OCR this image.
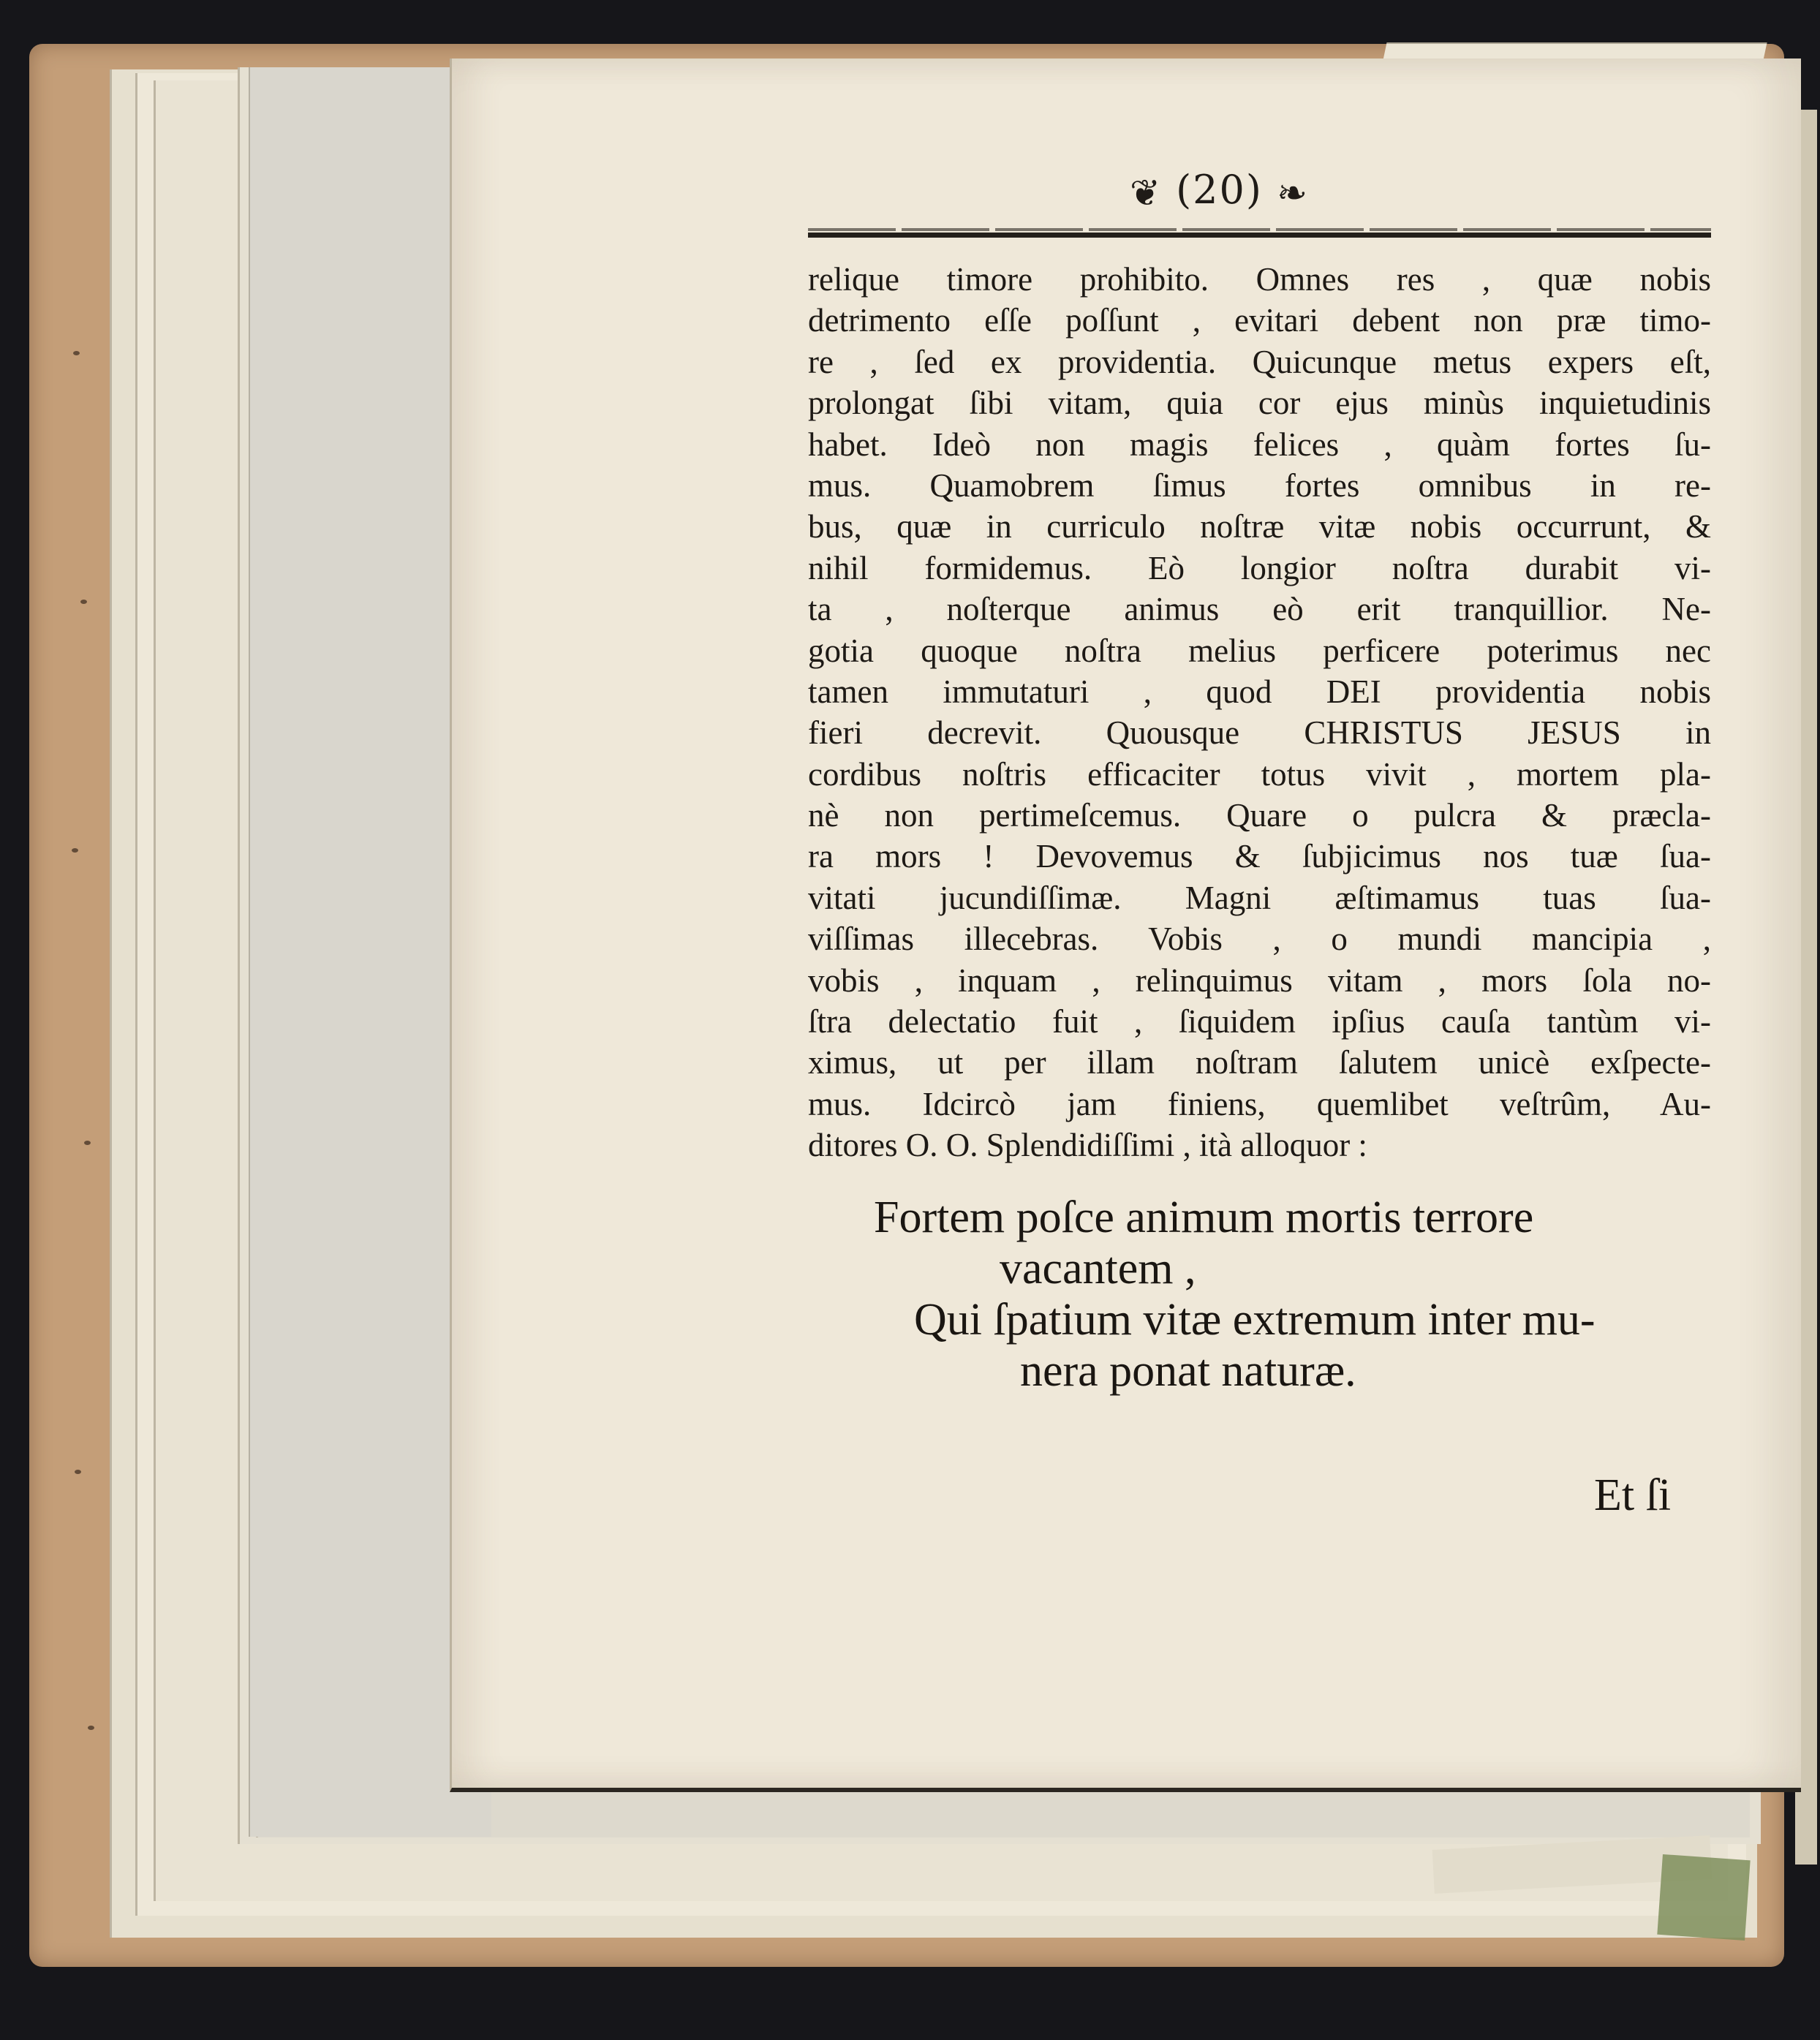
❦ (20) ❧
relique timore prohibito. Omnes res , quæ nobis
detrimento eſſe poſſunt , evitari debent non præ timo-
re , ſed ex providentia. Quicunque metus expers eſt,
prolongat ſibi vitam, quia cor ejus minùs inquietudinis
habet. Ideò non magis felices , quàm fortes ſu-
mus. Quamobrem ſimus fortes omnibus in re-
bus, quæ in curriculo noſtræ vitæ nobis occurrunt, &
nihil formidemus. Eò longior noſtra durabit vi-
ta , noſterque animus eò erit tranquillior. Ne-
gotia quoque noſtra melius perficere poterimus nec
tamen immutaturi , quod DEI providentia nobis
fieri decrevit. Quousque CHRISTUS JESUS in
cordibus noſtris efficaciter totus vivit , mortem pla-
nè non pertimeſcemus. Quare o pulcra & præcla-
ra mors ! Devovemus & ſubjicimus nos tuæ ſua-
vitati jucundiſſimæ. Magni æſtimamus tuas ſua-
viſſimas illecebras. Vobis , o mundi mancipia ,
vobis , inquam , relinquimus vitam , mors ſola no-
ſtra delectatio fuit , ſiquidem ipſius cauſa tantùm vi-
ximus, ut per illam noſtram ſalutem unicè exſpecte-
mus. Idcircò jam finiens, quemlibet veſtrûm, Au-
ditores O. O. Splendidiſſimi , ità alloquor :
Fortem poſce animum mortis terrore
vacantem ,
Qui ſpatium vitæ extremum inter mu-
nera ponat naturæ.
Et ſi
